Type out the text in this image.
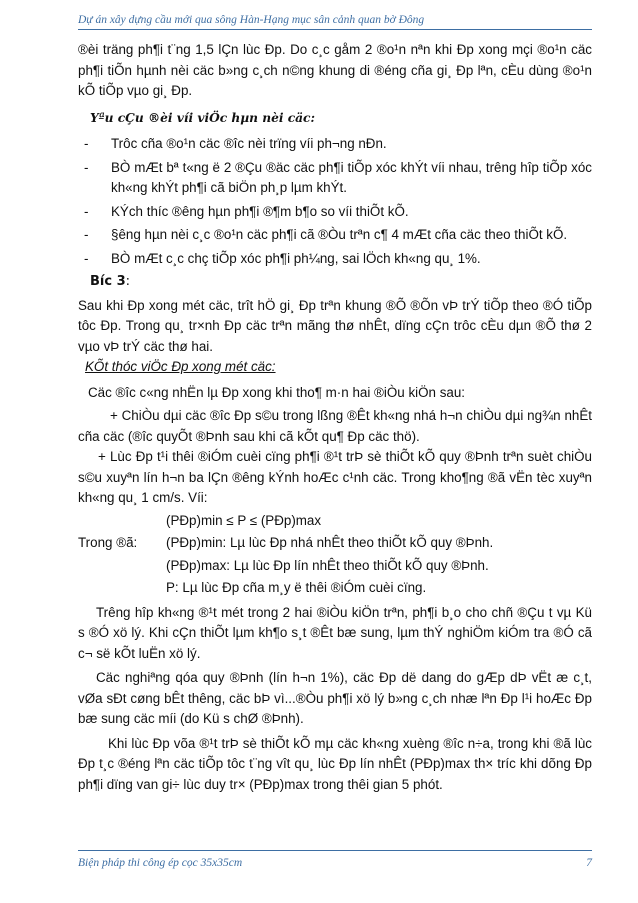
Dự án xây dựng cầu mới qua sông Hàn-Hạng mục sân cảnh quan bờ Đông

®èi träng ph¶i t¨ng 1,5 lÇn lùc Ðp. Do c¸c gåm 2 ®o¹n nªn khi Ðp xong mçi ®o¹n cäc ph¶i tiÕn hµnh nèi cäc b»ng c¸ch n©ng khung di ®éng cña gi¸ Ðp lªn, cÈu dùng ®o¹n kÕ tiÕp vµo gi¸ Ðp.

Yªu cÇu ®èi víi viÖc hµn nèi cäc:

- Trôc cña ®o¹n cäc ®îc nèi trïng víi ph¬ng nÐn.
- BÒ mÆt bª t«ng ë 2 ®Çu ®äc cäc ph¶i tiÕp xóc khÝt víi nhau, trêng hîp tiÕp xóc kh«ng khÝt ph¶i cã biÖn ph¸p lµm khÝt.
- KÝch thíc ®êng hµn ph¶i ®¶m b¶o so víi thiÕt kÕ.
- §êng hµn nèi c¸c ®o¹n cäc ph¶i cã ®Òu trªn c¶ 4 mÆt cña cäc theo thiÕt kÕ.
- BÒ mÆt c¸c chç tiÕp xóc ph¶i ph¼ng, sai lÖch kh«ng qu¸ 1%.

Bíc 3:

Sau khi Ðp xong mét cäc, trît hÖ gi¸ Ðp trªn khung ®Õ ®Õn vÞ trÝ tiÕp theo ®Ó tiÕp tôc Ðp. Trong qu¸ tr×nh Ðp cäc trªn mãng thø nhÊt, dïng cÇn trôc cÈu dµn ®Õ thø 2 vµo vÞ trÝ cäc thø hai.

KÕt thóc viÖc Ðp xong mét cäc:

Cäc ®îc c«ng nhËn lµ Ðp xong khi tho¶ m·n hai ®iÒu kiÖn sau:

+ ChiÒu dµi cäc ®îc Ðp s©u trong lßng ®Êt kh«ng nhá h¬n chiÒu dµi ng¾n nhÊt cña cäc (®îc quyÕt ®Þnh sau khi cã kÕt qu¶ Ðp cäc thö).

+ Lùc Ðp t¹i thêi ®iÓm cuèi cïng ph¶i ®¹t trÞ sè thiÕt kÕ quy ®Þnh trªn suèt chiÒu s©u xuyªn lín h¬n ba lÇn ®êng kÝnh hoÆc c¹nh cäc. Trong kho¶ng ®ã vËn tèc xuyªn kh«ng qu¸ 1 cm/s. Víi:

(PÐp)min ≤ P ≤ (PÐp)max
Trong ®ã:	(PÐp)min: Lµ lùc Ðp nhá nhÊt theo thiÕt kÕ quy ®Þnh.
(PÐp)max: Lµ lùc Ðp lín nhÊt theo thiÕt kÕ quy ®Þnh.
P: Lµ lùc Ðp cña m¸y ë thêi ®iÓm cuèi cïng.

Trêng hîp kh«ng ®¹t mét trong 2 hai ®iÒu kiÖn trªn, ph¶i b¸o cho chñ ®Çu t vµ Kü s ®Ó xö lý. Khi cÇn thiÕt lµm kh¶o s¸t ®Êt bæ sung, lµm thÝ nghiÖm kiÓm tra ®Ó cã c¬ së kÕt luËn xö lý.

Cäc nghiªng qóa quy ®Þnh (lín h¬n 1%), cäc Ðp dë dang do gÆp dÞ vËt æ c¸t, vØa sÐt cøng bÊt thêng, cäc bÞ vì...®Òu ph¶i xö lý b»ng c¸ch nhæ lªn Ðp l¹i hoÆc Ðp bæ sung cäc míi (do Kü s chØ ®Þnh).

Khi lùc Ðp võa ®¹t trÞ sè thiÕt kÕ mµ cäc kh«ng xuèng ®îc n÷a, trong khi ®ã lùc Ðp t¸c ®éng lªn cäc tiÕp tôc t¨ng vît qu¸ lùc Ðp lín nhÊt (PÐp)max th× tríc khi dõng Ðp ph¶i dïng van gi÷ lùc duy tr× (PÐp)max trong thêi gian 5 phót.

Biện pháp thi công ép cọc 35x35cm	7
